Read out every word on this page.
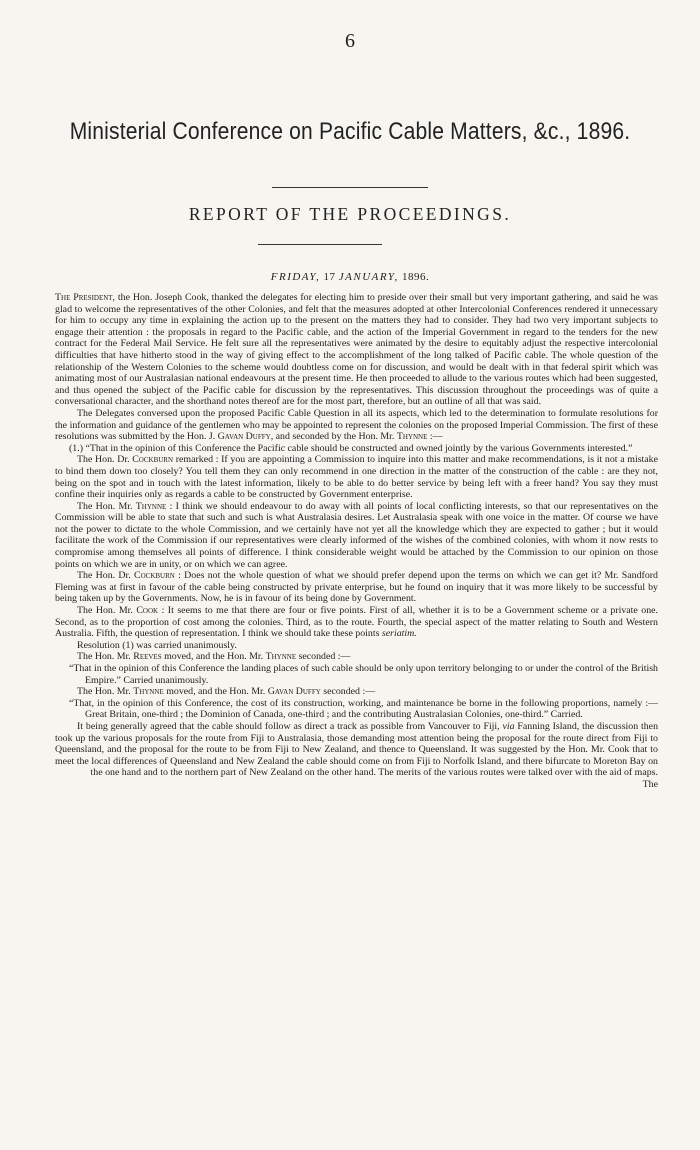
6
Ministerial Conference on Pacific Cable Matters, &c., 1896.
REPORT OF THE PROCEEDINGS.
FRIDAY, 17 JANUARY, 1896.

The President, the Hon. Joseph Cook, thanked the delegates for electing him to preside over their small but very important gathering, and said he was glad to welcome the representatives of the other Colonies, and felt that the measures adopted at other Intercolonial Conferences rendered it unnecessary for him to occupy any time in explaining the action up to the present on the matters they had to consider. They had two very important subjects to engage their attention : the proposals in regard to the Pacific cable, and the action of the Imperial Government in regard to the tenders for the new contract for the Federal Mail Service. He felt sure all the representatives were animated by the desire to equitably adjust the respective intercolonial difficulties that have hitherto stood in the way of giving effect to the accomplishment of the long talked of Pacific cable. The whole question of the relationship of the Western Colonies to the scheme would doubtless come on for discussion, and would be dealt with in that federal spirit which was animating most of our Australasian national endeavours at the present time. He then proceeded to allude to the various routes which had been suggested, and thus opened the subject of the Pacific cable for discussion by the representatives. This discussion throughout the proceedings was of quite a conversational character, and the shorthand notes thereof are for the most part, therefore, but an outline of all that was said.

The Delegates conversed upon the proposed Pacific Cable Question in all its aspects, which led to the determination to formulate resolutions for the information and guidance of the gentlemen who may be appointed to represent the colonies on the proposed Imperial Commission. The first of these resolutions was submitted by the Hon. J. Gavan Duffy, and seconded by the Hon. Mr. Thynne :—

(1.) “That in the opinion of this Conference the Pacific cable should be constructed and owned jointly by the various Governments interested.”

The Hon. Dr. Cockburn remarked : If you are appointing a Commission to inquire into this matter and make recommendations, is it not a mistake to bind them down too closely? You tell them they can only recommend in one direction in the matter of the construction of the cable : are they not, being on the spot and in touch with the latest information, likely to be able to do better service by being left with a freer hand? You say they must confine their inquiries only as regards a cable to be constructed by Government enterprise.

The Hon. Mr. Thynne : I think we should endeavour to do away with all points of local conflicting interests, so that our representatives on the Commission will be able to state that such and such is what Australasia desires. Let Australasia speak with one voice in the matter. Of course we have not the power to dictate to the whole Commission, and we certainly have not yet all the knowledge which they are expected to gather ; but it would facilitate the work of the Commission if our representatives were clearly informed of the wishes of the combined colonies, with whom it now rests to compromise among themselves all points of difference. I think considerable weight would be attached by the Commission to our opinion on those points on which we are in unity, or on which we can agree.

The Hon. Dr. Cockburn : Does not the whole question of what we should prefer depend upon the terms on which we can get it? Mr. Sandford Fleming was at first in favour of the cable being constructed by private enterprise, but he found on inquiry that it was more likely to be successful by being taken up by the Governments. Now, he is in favour of its being done by Government.

The Hon. Mr. Cook : It seems to me that there are four or five points. First of all, whether it is to be a Government scheme or a private one. Second, as to the proportion of cost among the colonies. Third, as to the route. Fourth, the special aspect of the matter relating to South and Western Australia. Fifth, the question of representation. I think we should take these points seriatim.

Resolution (1) was carried unanimously.

The Hon. Mr. Reeves moved, and the Hon. Mr. Thynne seconded :—

“That in the opinion of this Conference the landing places of such cable should be only upon territory belonging to or under the control of the British Empire.” Carried unanimously.

The Hon. Mr. Thynne moved, and the Hon. Mr. Gavan Duffy seconded :—

“That, in the opinion of this Conference, the cost of its construction, working, and maintenance be borne in the following proportions, namely :—Great Britain, one-third ; the Dominion of Canada, one-third ; and the contributing Australasian Colonies, one-third.” Carried.

It being generally agreed that the cable should follow as direct a track as possible from Vancouver to Fiji, via Fanning Island, the discussion then took up the various proposals for the route from Fiji to Australasia, those demanding most attention being the proposal for the route direct from Fiji to Queensland, and the proposal for the route to be from Fiji to New Zealand, and thence to Queensland. It was suggested by the Hon. Mr. Cook that to meet the local differences of Queensland and New Zealand the cable should come on from Fiji to Norfolk Island, and there bifurcate to Moreton Bay on the one hand and to the northern part of New Zealand on the other hand. The merits of the various routes were talked over with the aid of maps.
The
